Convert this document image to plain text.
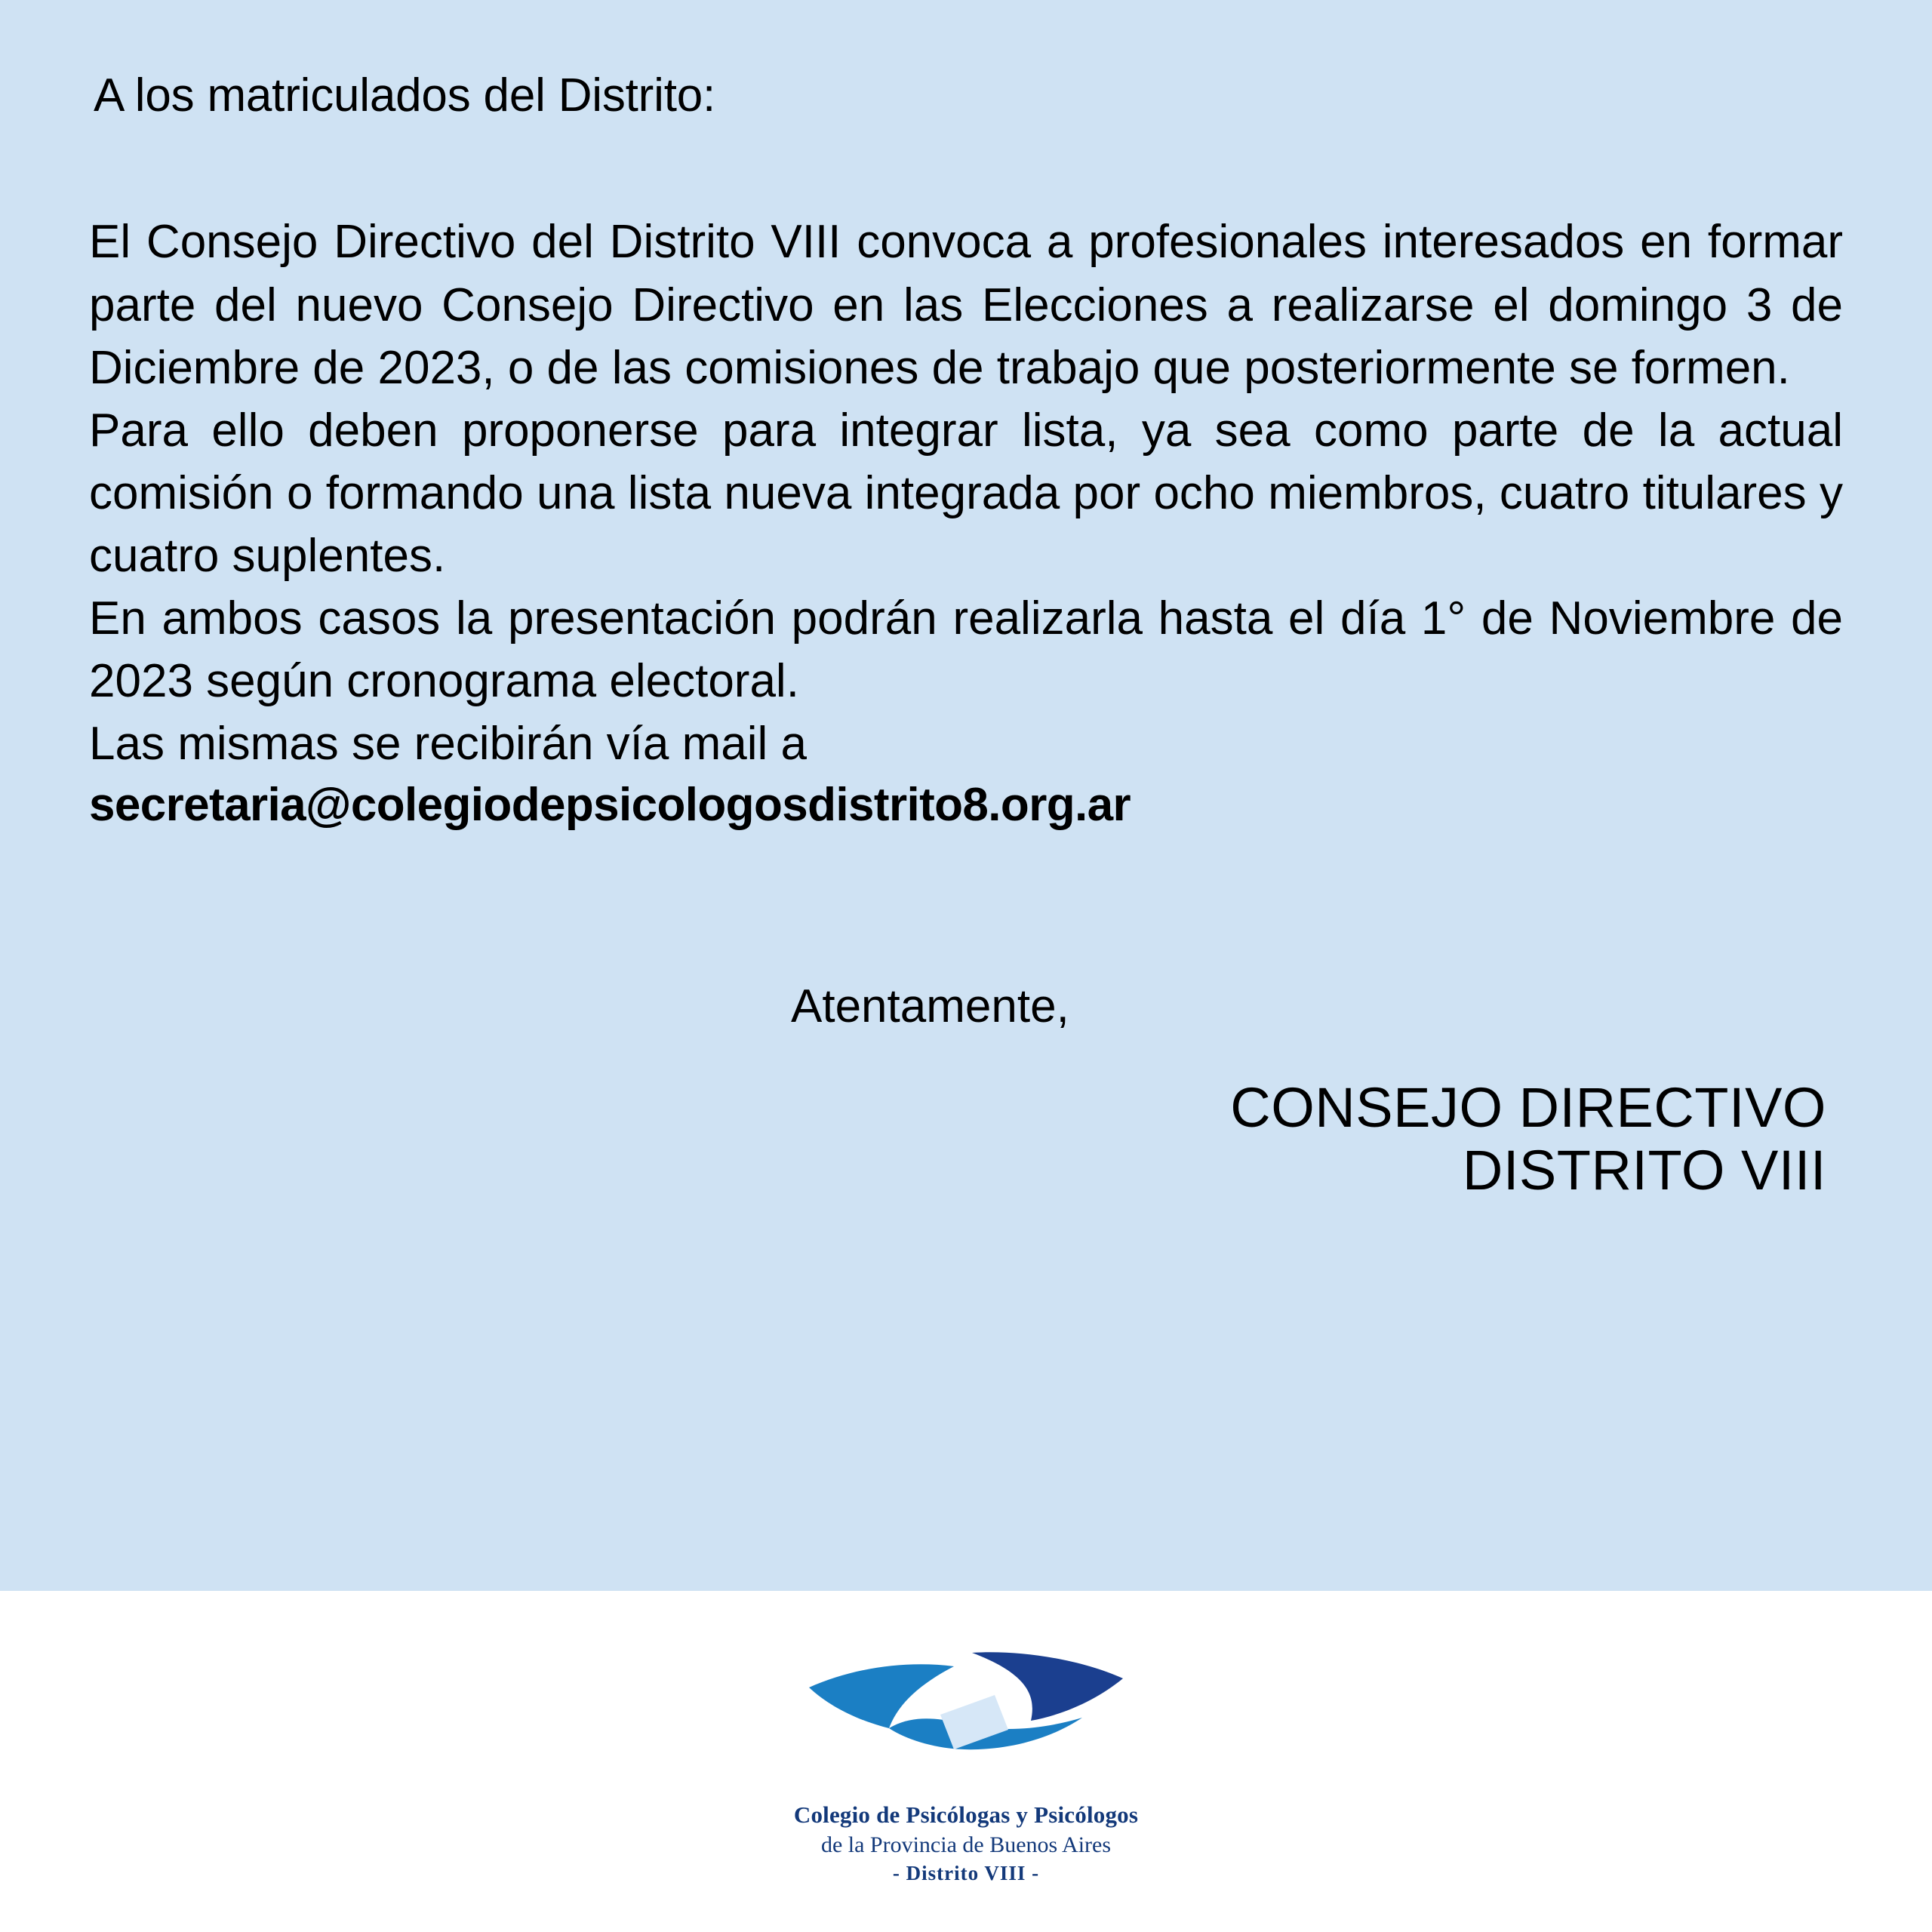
A los matriculados del Distrito:

El Consejo Directivo del Distrito VIII convoca a profesionales interesados en formar parte del nuevo Consejo Directivo en las Elecciones a realizarse el domingo 3 de Diciembre de 2023, o de las comisiones de trabajo que posteriormente se formen.

Para ello deben proponerse para integrar lista, ya sea como parte de la actual comisión o formando una lista nueva integrada por ocho miembros, cuatro titulares y cuatro suplentes.

En ambos casos la presentación podrán realizarla hasta el día 1° de Noviembre de 2023 según cronograma electoral.

Las mismas se recibirán vía mail a

secretaria@colegiodepsicologosdistrito8.org.ar

Atentamente,

CONSEJO DIRECTIVO
DISTRITO VIII
Colegio de Psicólogas y Psicólogos
de la Provincia de Buenos Aires
- Distrito VIII -
